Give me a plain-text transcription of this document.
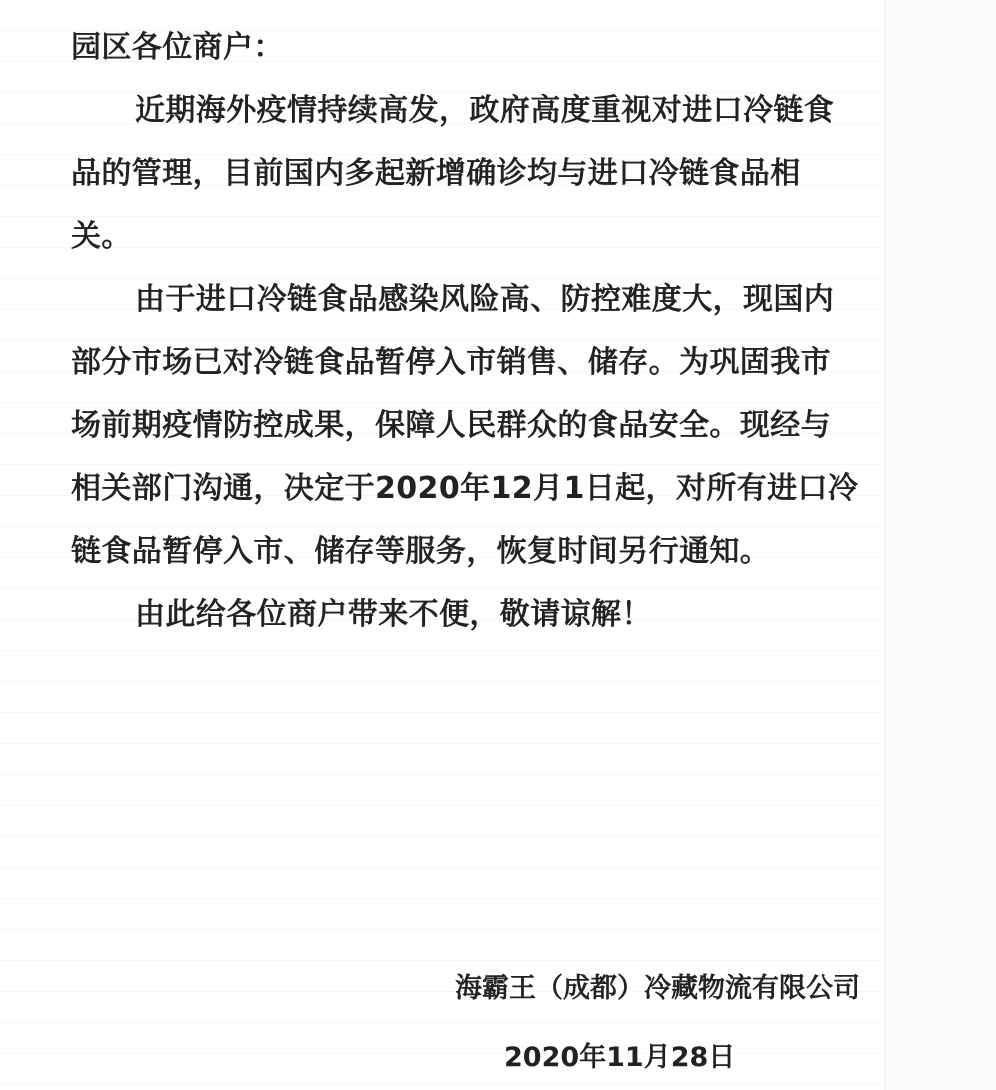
园区各位商户：

近期海外疫情持续高发，政府高度重视对进口冷链食品的管理，目前国内多起新增确诊均与进口冷链食品相关。

由于进口冷链食品感染风险高、防控难度大，现国内部分市场已对冷链食品暂停入市销售、储存。为巩固我市场前期疫情防控成果，保障人民群众的食品安全。现经与相关部门沟通，决定于2020年12月1日起，对所有进口冷链食品暂停入市、储存等服务，恢复时间另行通知。

由此给各位商户带来不便，敬请谅解！

海霸王（成都）冷藏物流有限公司
2020年11月28日
